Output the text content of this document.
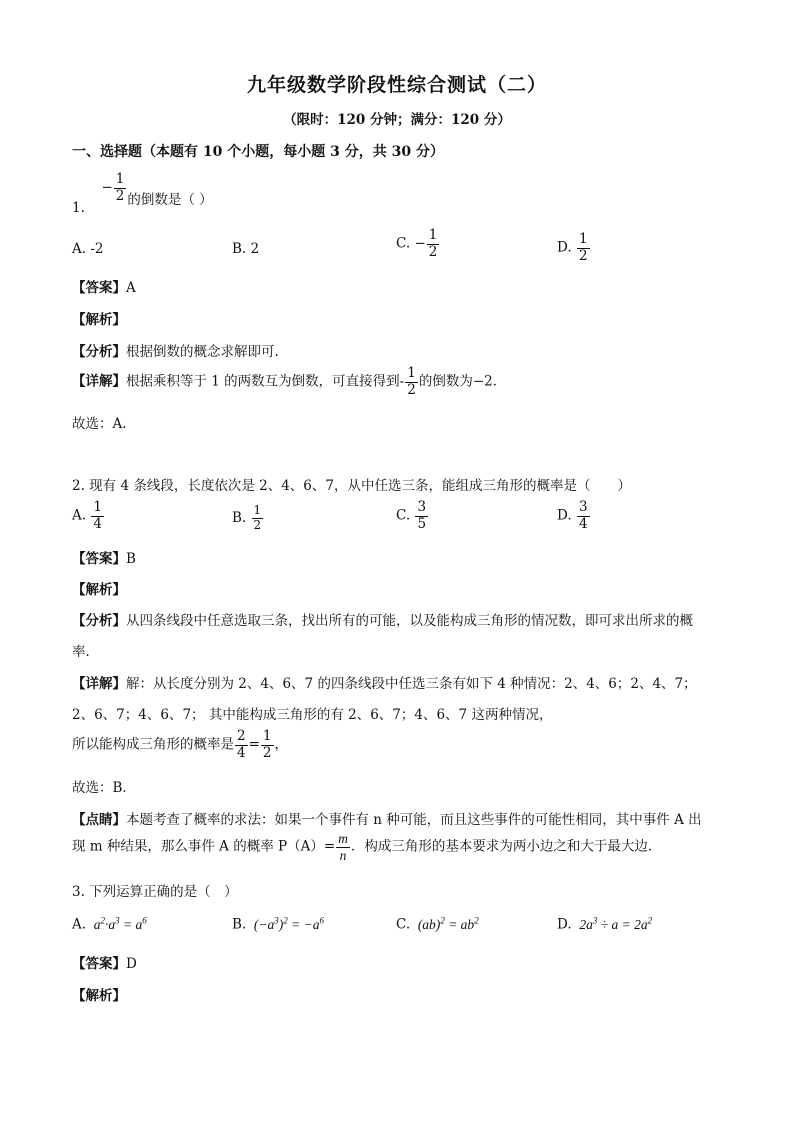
九年级数学阶段性综合测试（二）
（限时：120 分钟；满分：120 分）
一、选择题（本题有 10 个小题，每小题 3 分，共 30 分）
1.  − $\frac{1}{2}$ 的倒数是（ ）
A. -2	B. 2	C. − $\frac{1}{2}$	D. $\frac{1}{2}$
【答案】A
【解析】
【分析】根据倒数的概念求解即可.
【详解】根据乘积等于 1 的两数互为倒数，可直接得到- $\frac{1}{2}$ 的倒数为−2．
故选：A.
2. 现有 4 条线段，长度依次是 2、4、6、7，从中任选三条，能组成三角形的概率是（　　）
A. $\frac{1}{4}$	B. $\frac{1}{2}$	C. $\frac{3}{5}$	D. $\frac{3}{4}$
【答案】B
【解析】
【分析】从四条线段中任意选取三条，找出所有的可能，以及能构成三角形的情况数，即可求出所求的概
率．
【详解】解：从长度分别为 2、4、6、7 的四条线段中任选三条有如下 4 种情况：2、4、6；2、4、7；
2、6、7；4、6、7； 其中能构成三角形的有 2、6、7；4、6、7 这两种情况，
所以能构成三角形的概率是 $\frac{2}{4} = \frac{1}{2}$ ，
故选：B．
【点睛】本题考查了概率的求法：如果一个事件有 n 种可能，而且这些事件的可能性相同，其中事件 A 出
现 m 种结果，那么事件 A 的概率 $P(A)= \frac{m}{n}$ ．构成三角形的基本要求为两小边之和大于最大边．
3. 下列运算正确的是（　）
A.  $a^2\cdot a^3 = a^6$	B.  $(-a^3)^2 = -a^6$	C.  $(ab)^2 = ab^2$	D.  $2a^3 \div a = 2a^2$
【答案】D
【解析】
